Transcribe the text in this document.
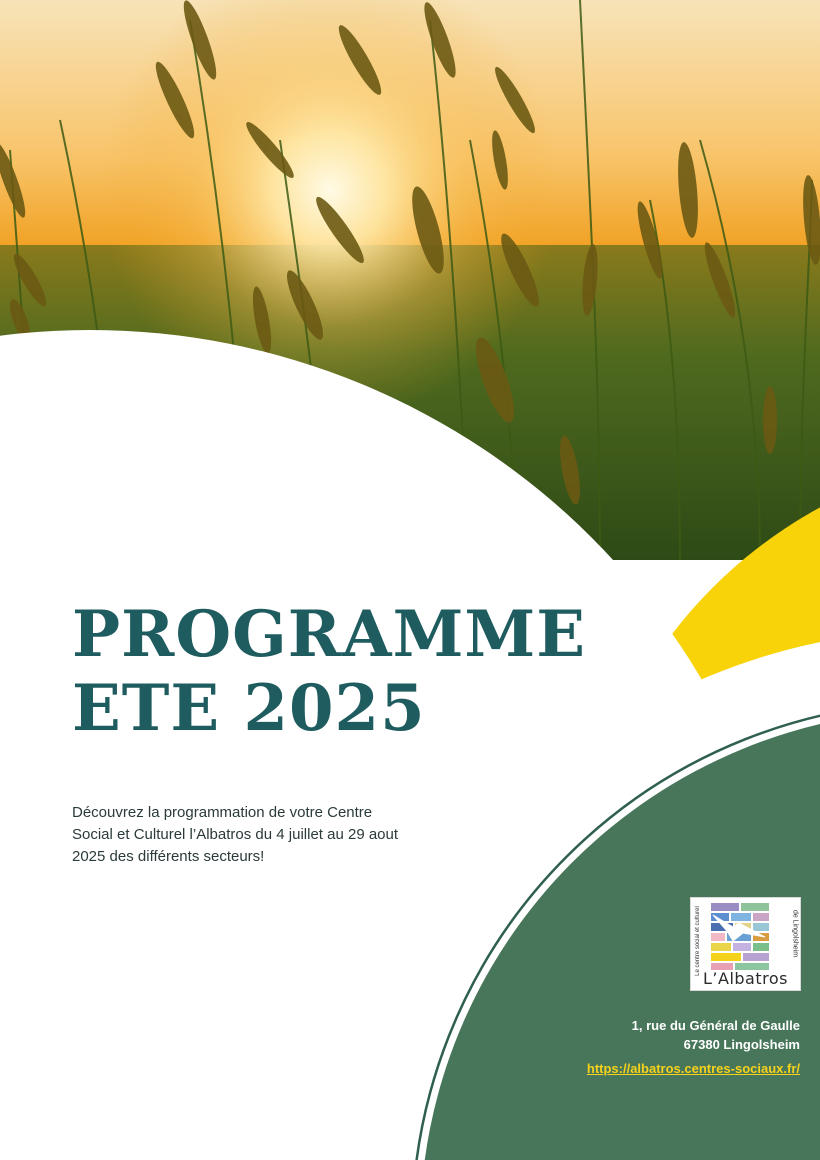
PROGRAMME
ETE 2025

Découvrez la programmation de votre Centre Social et Culturel l’Albatros du 4 juillet au 29 aout 2025 des différents secteurs!

Le centre social et culturel	de Lingolsheim
L’Albatros
1, rue du Général de Gaulle
67380 Lingolsheim
https://albatros.centres-sociaux.fr/
